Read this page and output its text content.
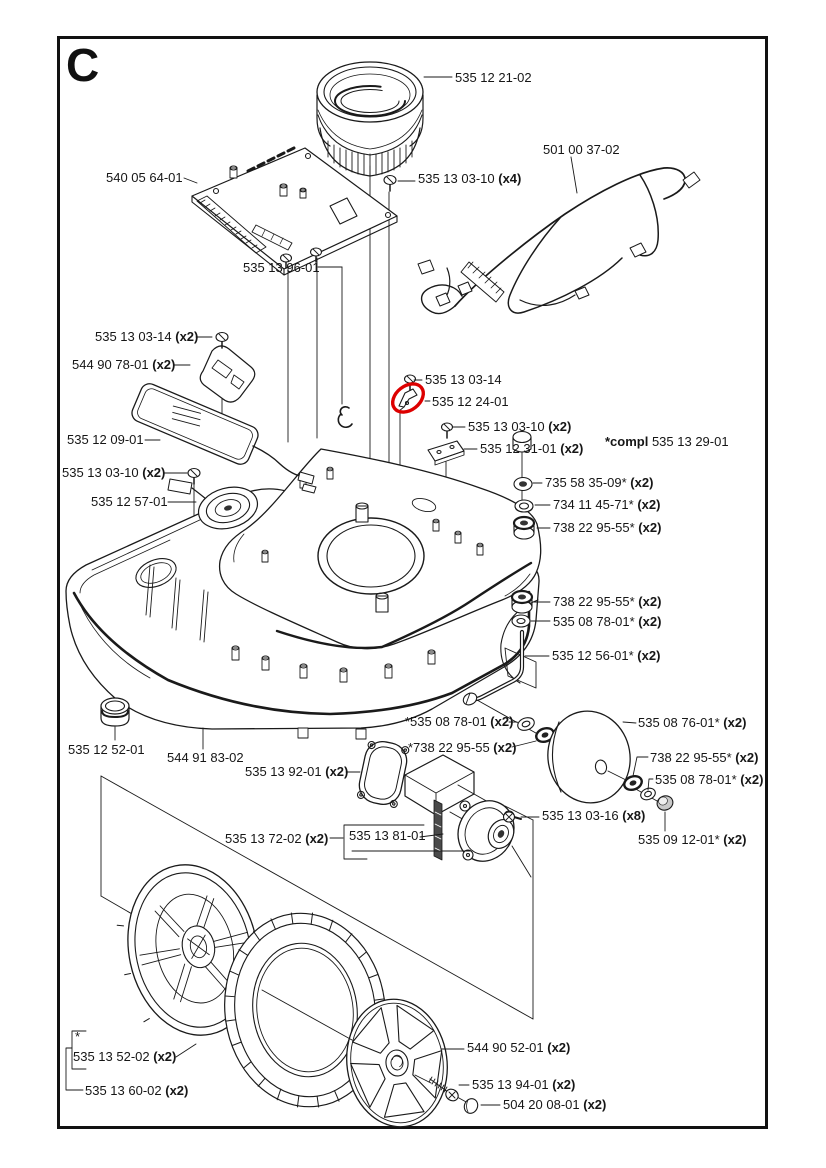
C	535 12 21-02
540 05 64-01	535 13 03-10 (x4)
501 00 37-02
535 13 96-01
535 13 03-14 (x2)
544 90 78-01 (x2)
535 12 09-01
535 13 03-10 (x2)
535 12 57-01
535 13 03-14
535 12 24-01
535 13 03-10 (x2)
535 12 31-01 (x2) *compl 535 13 29-01
735 58 35-09* (x2)
734 11 45-71* (x2)
738 22 95-55* (x2)
738 22 95-55* (x2)
535 08 78-01* (x2)
535 12 56-01* (x2)
535 12 52-01
544 91 83-02
535 13 92-01 (x2)
*535 08 78-01 (x2)
*738 22 95-55 (x2)
535 08 76-01* (x2)
738 22 95-55* (x2)
535 08 78-01* (x2)
535 13 03-16 (x8)
535 09 12-01* (x2)
535 13 72-02 (x2) 535 13 81-01
535 13 52-02 (x2)
535 13 60-02 (x2)
544 90 52-01 (x2)
535 13 94-01 (x2)
504 20 08-01 (x2)
*
